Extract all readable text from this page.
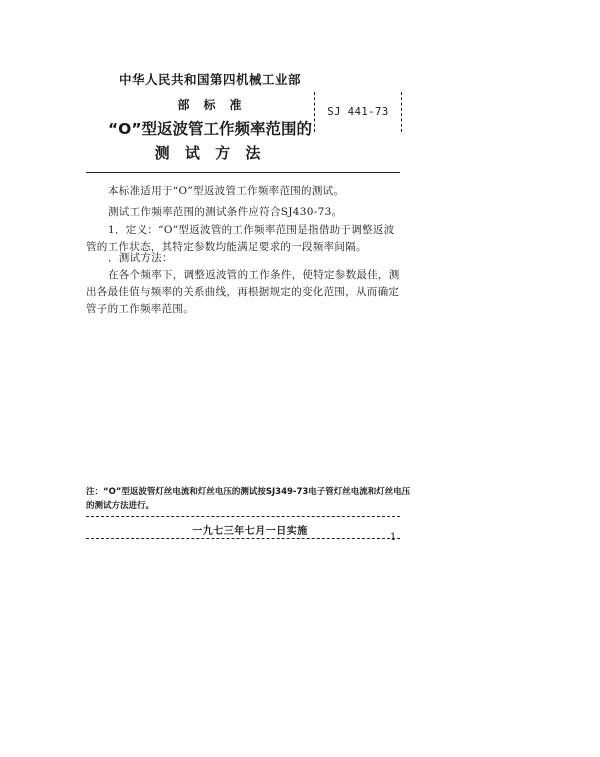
中华人民共和国第四机械工业部
部　标　准
“O”型返波管工作频率范围的
测 试 方 法
SJ 441-73
本标准适用于“O”型返波管工作频率范围的测试。
测试工作频率范围的测试条件应符合SJ430-73。
1．定义：“O”型返波管的工作频率范围是指借助于调整返波管的工作状态，其特定参数均能满足要求的一段频率间隔。
．测试方法：
在各个频率下，调整返波管的工作条件，使特定参数最佳，测出各最佳值与频率的关系曲线，再根据规定的变化范围，从而确定管子的工作频率范围。
注：“O”型返波管灯丝电流和灯丝电压的测试按SJ349-73电子管灯丝电流和灯丝电压的测试方法进行。
一九七三年七月一日实施
1
